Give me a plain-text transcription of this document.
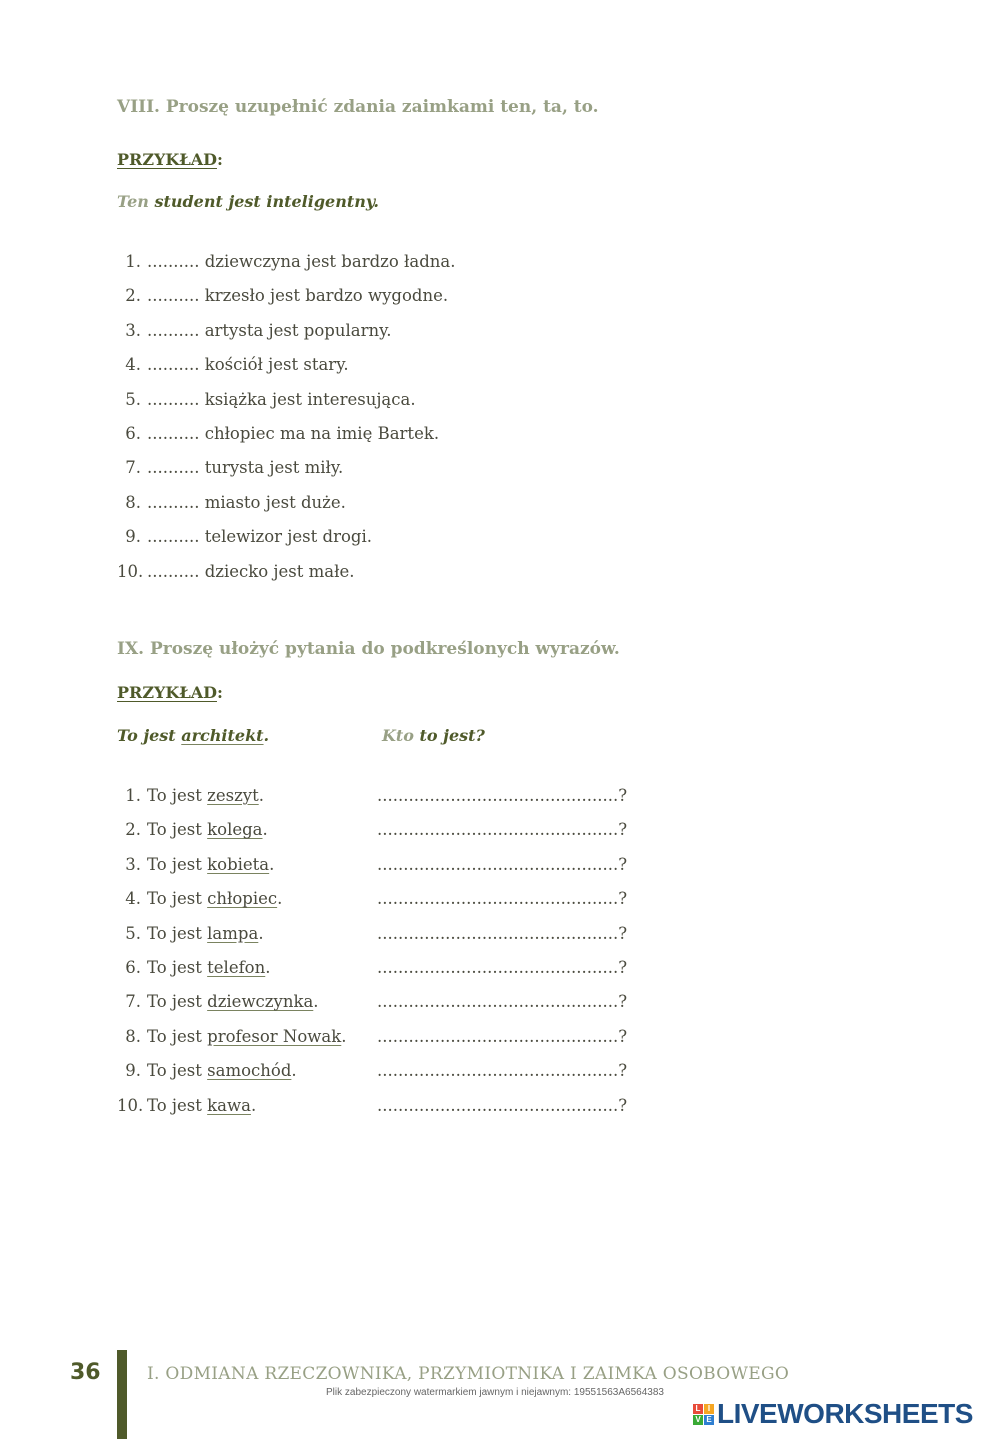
VIII. Proszę uzupełnić zdania zaimkami ten, ta, to.
PRZYKŁAD:
Ten student jest inteligentny.
1. .......... dziewczyna jest bardzo ładna.
2. .......... krzesło jest bardzo wygodne.
3. .......... artysta jest popularny.
4. .......... kościół jest stary.
5. .......... książka jest interesująca.
6. .......... chłopiec ma na imię Bartek.
7. .......... turysta jest miły.
8. .......... miasto jest duże.
9. .......... telewizor jest drogi.
10. .......... dziecko jest małe.
IX. Proszę ułożyć pytania do podkreślonych wyrazów.
PRZYKŁAD:
To jest architekt.	Kto to jest?
1. To jest zeszyt.	..............................................?
2. To jest kolega.	..............................................?
3. To jest kobieta.	..............................................?
4. To jest chłopiec.	..............................................?
5. To jest lampa.	..............................................?
6. To jest telefon.	..............................................?
7. To jest dziewczynka.	..............................................?
8. To jest profesor Nowak. ..............................................?
9. To jest samochód.	..............................................?
10. To jest kawa.	..............................................?
36	I. ODMIANA RZECZOWNIKA, PRZYMIOTNIKA I ZAIMKA OSOBOWEGO
Plik zabezpieczony watermarkiem jawnym i niejawnym: 19551563A6564383
L I
V E LIVEWORKSHEETS
